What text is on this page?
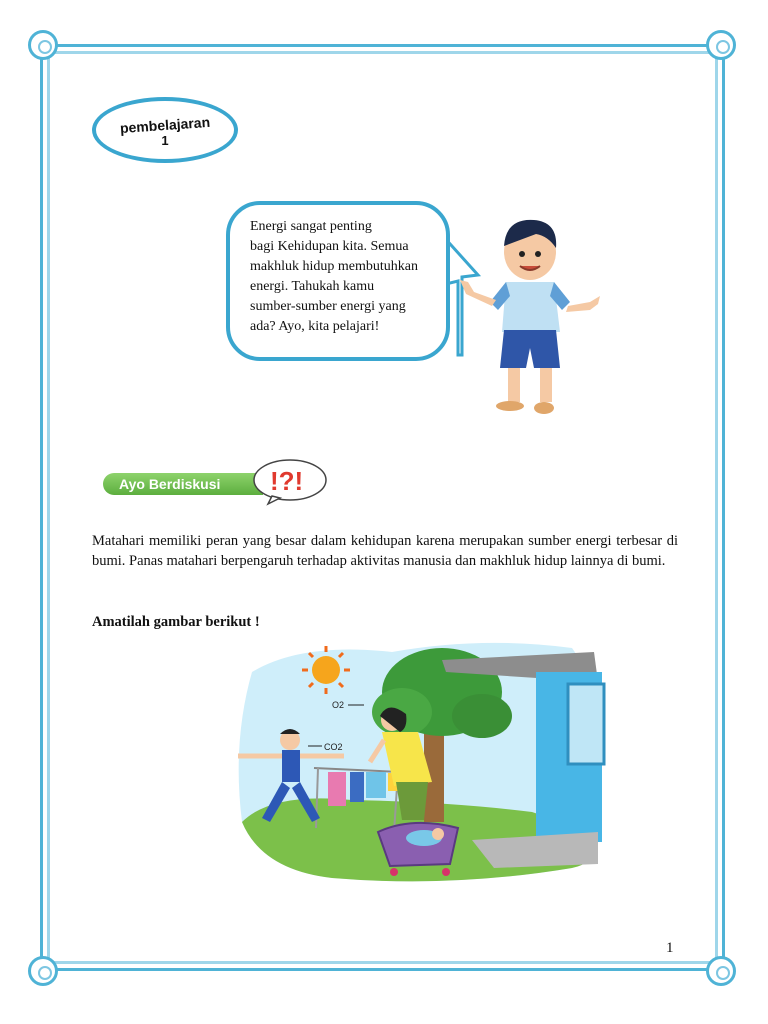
pembelajaran
1
Energi sangat penting
bagi Kehidupan kita. Semua
makhluk hidup membutuhkan
energi. Tahukah kamu
sumber-sumber energi yang
ada? Ayo, kita pelajari!
Ayo Berdiskusi	!?!
Matahari memiliki peran yang besar dalam kehidupan karena merupakan sumber energi terbesar di bumi. Panas matahari berpengaruh terhadap aktivitas manusia dan makhluk hidup lainnya di bumi.
Amatilah gambar berikut !
O2
CO2
1
